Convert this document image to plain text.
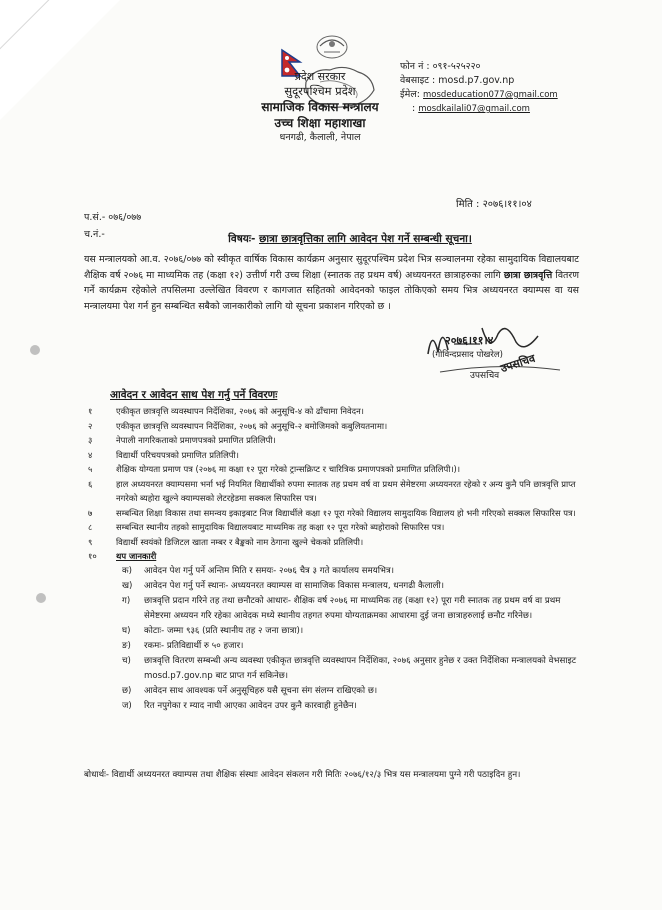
प्रदेश सरकार
सुदूरपश्चिम प्रदेश
सामाजिक विकास मन्त्रालय
उच्च शिक्षा महाशाखा
धनगढी, कैलाली, नेपाल
फोन नं : ०९१-५२५२२०
वेबसाइट : mosd.p7.gov.np
ईमेल: mosdeducation077@gmail.com
: mosdkailali07@gmail.com
मिति : २०७६।११।०४
प.सं.- ०७६/०७७
च.नं.-	विषयः- छात्रा छात्रवृत्तिका लागि आवेदन पेश गर्ने सम्बन्धी सूचना।
यस मन्त्रालयको आ.व. २०७६/०७७ को स्वीकृत वार्षिक विकास कार्यक्रम अनुसार सुदूरपश्चिम प्रदेश भित्र सञ्चालनमा रहेका सामुदायिक विद्यालयबाट शैक्षिक वर्ष २०७६ मा माध्यमिक तह (कक्षा १२) उत्तीर्ण गरी उच्च शिक्षा (स्नातक तह प्रथम वर्ष) अध्ययनरत छात्राहरुका लागि छात्रा छात्रवृत्ति वितरण गर्ने कार्यक्रम रहेकोले तपसिलमा उल्लेखित विवरण र कागजात सहितको आवेदनको फाइल तोकिएको समय भित्र अध्ययनरत क्याम्पस वा यस मन्त्रालयमा पेश गर्न हुन सम्बन्धित सबैको जानकारीको लागि यो सूचना प्रकाशन गरिएको छ ।
२०७६।११।४
(गोविन्दप्रसाद पोखरेल)
उपसचिव
उपसचिव
आवेदन र आवेदन साथ पेश गर्नु पर्ने विवरणः
१	एकीकृत छात्रवृत्ति व्यवस्थापन निर्देशिका, २०७६ को अनुसूचि-४ को ढाँचामा निवेदन।
२	एकीकृत छात्रवृत्ति व्यवस्थापन निर्देशिका, २०७६ को अनुसूचि-२ बमोजिमको कबुलियतनामा।
३	नेपाली नागरिकताको प्रमाणपत्रको प्रमाणित प्रतिलिपी।
४	विद्यार्थी परिचयपत्रको प्रमाणित प्रतिलिपी।
५	शैक्षिक योग्यता प्रमाण पत्र (२०७६ मा कक्षा १२ पूरा गरेको ट्रान्सक्रिप्ट र चारित्रिक प्रमाणपत्रको प्रमाणित प्रतिलिपी।)।
६	हाल अध्ययनरत क्याम्पसमा भर्ना भई नियमित विद्यार्थीको रुपमा स्नातक तह प्रथम वर्ष वा प्रथम सेमेष्टरमा अध्ययनरत रहेको र अन्य कुनै पनि छात्रवृत्ति प्राप्त नगरेको ब्यहोरा खुल्ने क्याम्पसको लेटरहेडमा सक्कल सिफारिस पत्र।
७	सम्बन्धित शिक्षा विकास तथा समन्वय इकाइबाट निज विद्यार्थीले कक्षा १२ पूरा गरेको विद्यालय सामुदायिक विद्यालय हो भनी गरिएको सक्कल सिफारिस पत्र।
८	सम्बन्धित स्थानीय तहको सामुदायिक विद्यालयबाट माध्यमिक तह कक्षा १२ पूरा गरेको ब्यहोराको सिफारिस पत्र।
९	विद्यार्थी स्वयंको डिजिटल खाता नम्बर र बैङ्कको नाम ठेगाना खुल्ने चेकको प्रतिलिपी।
१०	थप जानकारी
क) आवेदन पेश गर्नु पर्ने अन्तिम मिति र समयः- २०७६ चैत्र ३ गते कार्यालय समयभित्र।
ख) आवेदन पेश गर्नु पर्ने स्थानः- अध्ययनरत क्याम्पस वा सामाजिक विकास मन्त्रालय, धनगढी कैलाली।
ग) छात्रवृत्ति प्रदान गरिने तह तथा छनौटको आधारः- शैक्षिक वर्ष २०७६ मा माध्यमिक तह (कक्षा १२) पूरा गरी स्नातक तह प्रथम वर्ष वा प्रथम सेमेष्टरमा अध्ययन गरि रहेका आवेदक मध्ये स्थानीय तहगत रुपमा योग्यताक्रमका आधारमा दुई जना छात्राहरुलाई छनौट गरिनेछ।
घ) कोटाः- जम्मा ९३६ (प्रति स्थानीय तह २ जना छात्रा)।
ङ) रकमः- प्रतिविद्यार्थी रु ५० हजार।
च) छात्रवृत्ति वितरण सम्बन्धी अन्य व्यवस्था एकीकृत छात्रवृत्ति व्यवस्थापन निर्देशिका, २०७६ अनुसार हुनेछ र उक्त निर्देशिका मन्त्रालयको वेभसाइट mosd.p7.gov.np बाट प्राप्त गर्न सकिनेछ।
छ) आवेदन साथ आवश्यक पर्ने अनुसूचिहरु यसै सूचना संग संलग्न राखिएको छ।
ज) रित नपुगेका र म्याद नाघी आएका आवेदन उपर कुनै कारवाही हुनेछैन।
बोधार्थः- विद्यार्थी अध्ययनरत क्याम्पस तथा शैक्षिक संस्थाः आवेदन संकलन गरी मितिः २०७६/१२/३ भित्र यस मन्त्रालयमा पुग्ने गरी पठाइदिन हुन।
